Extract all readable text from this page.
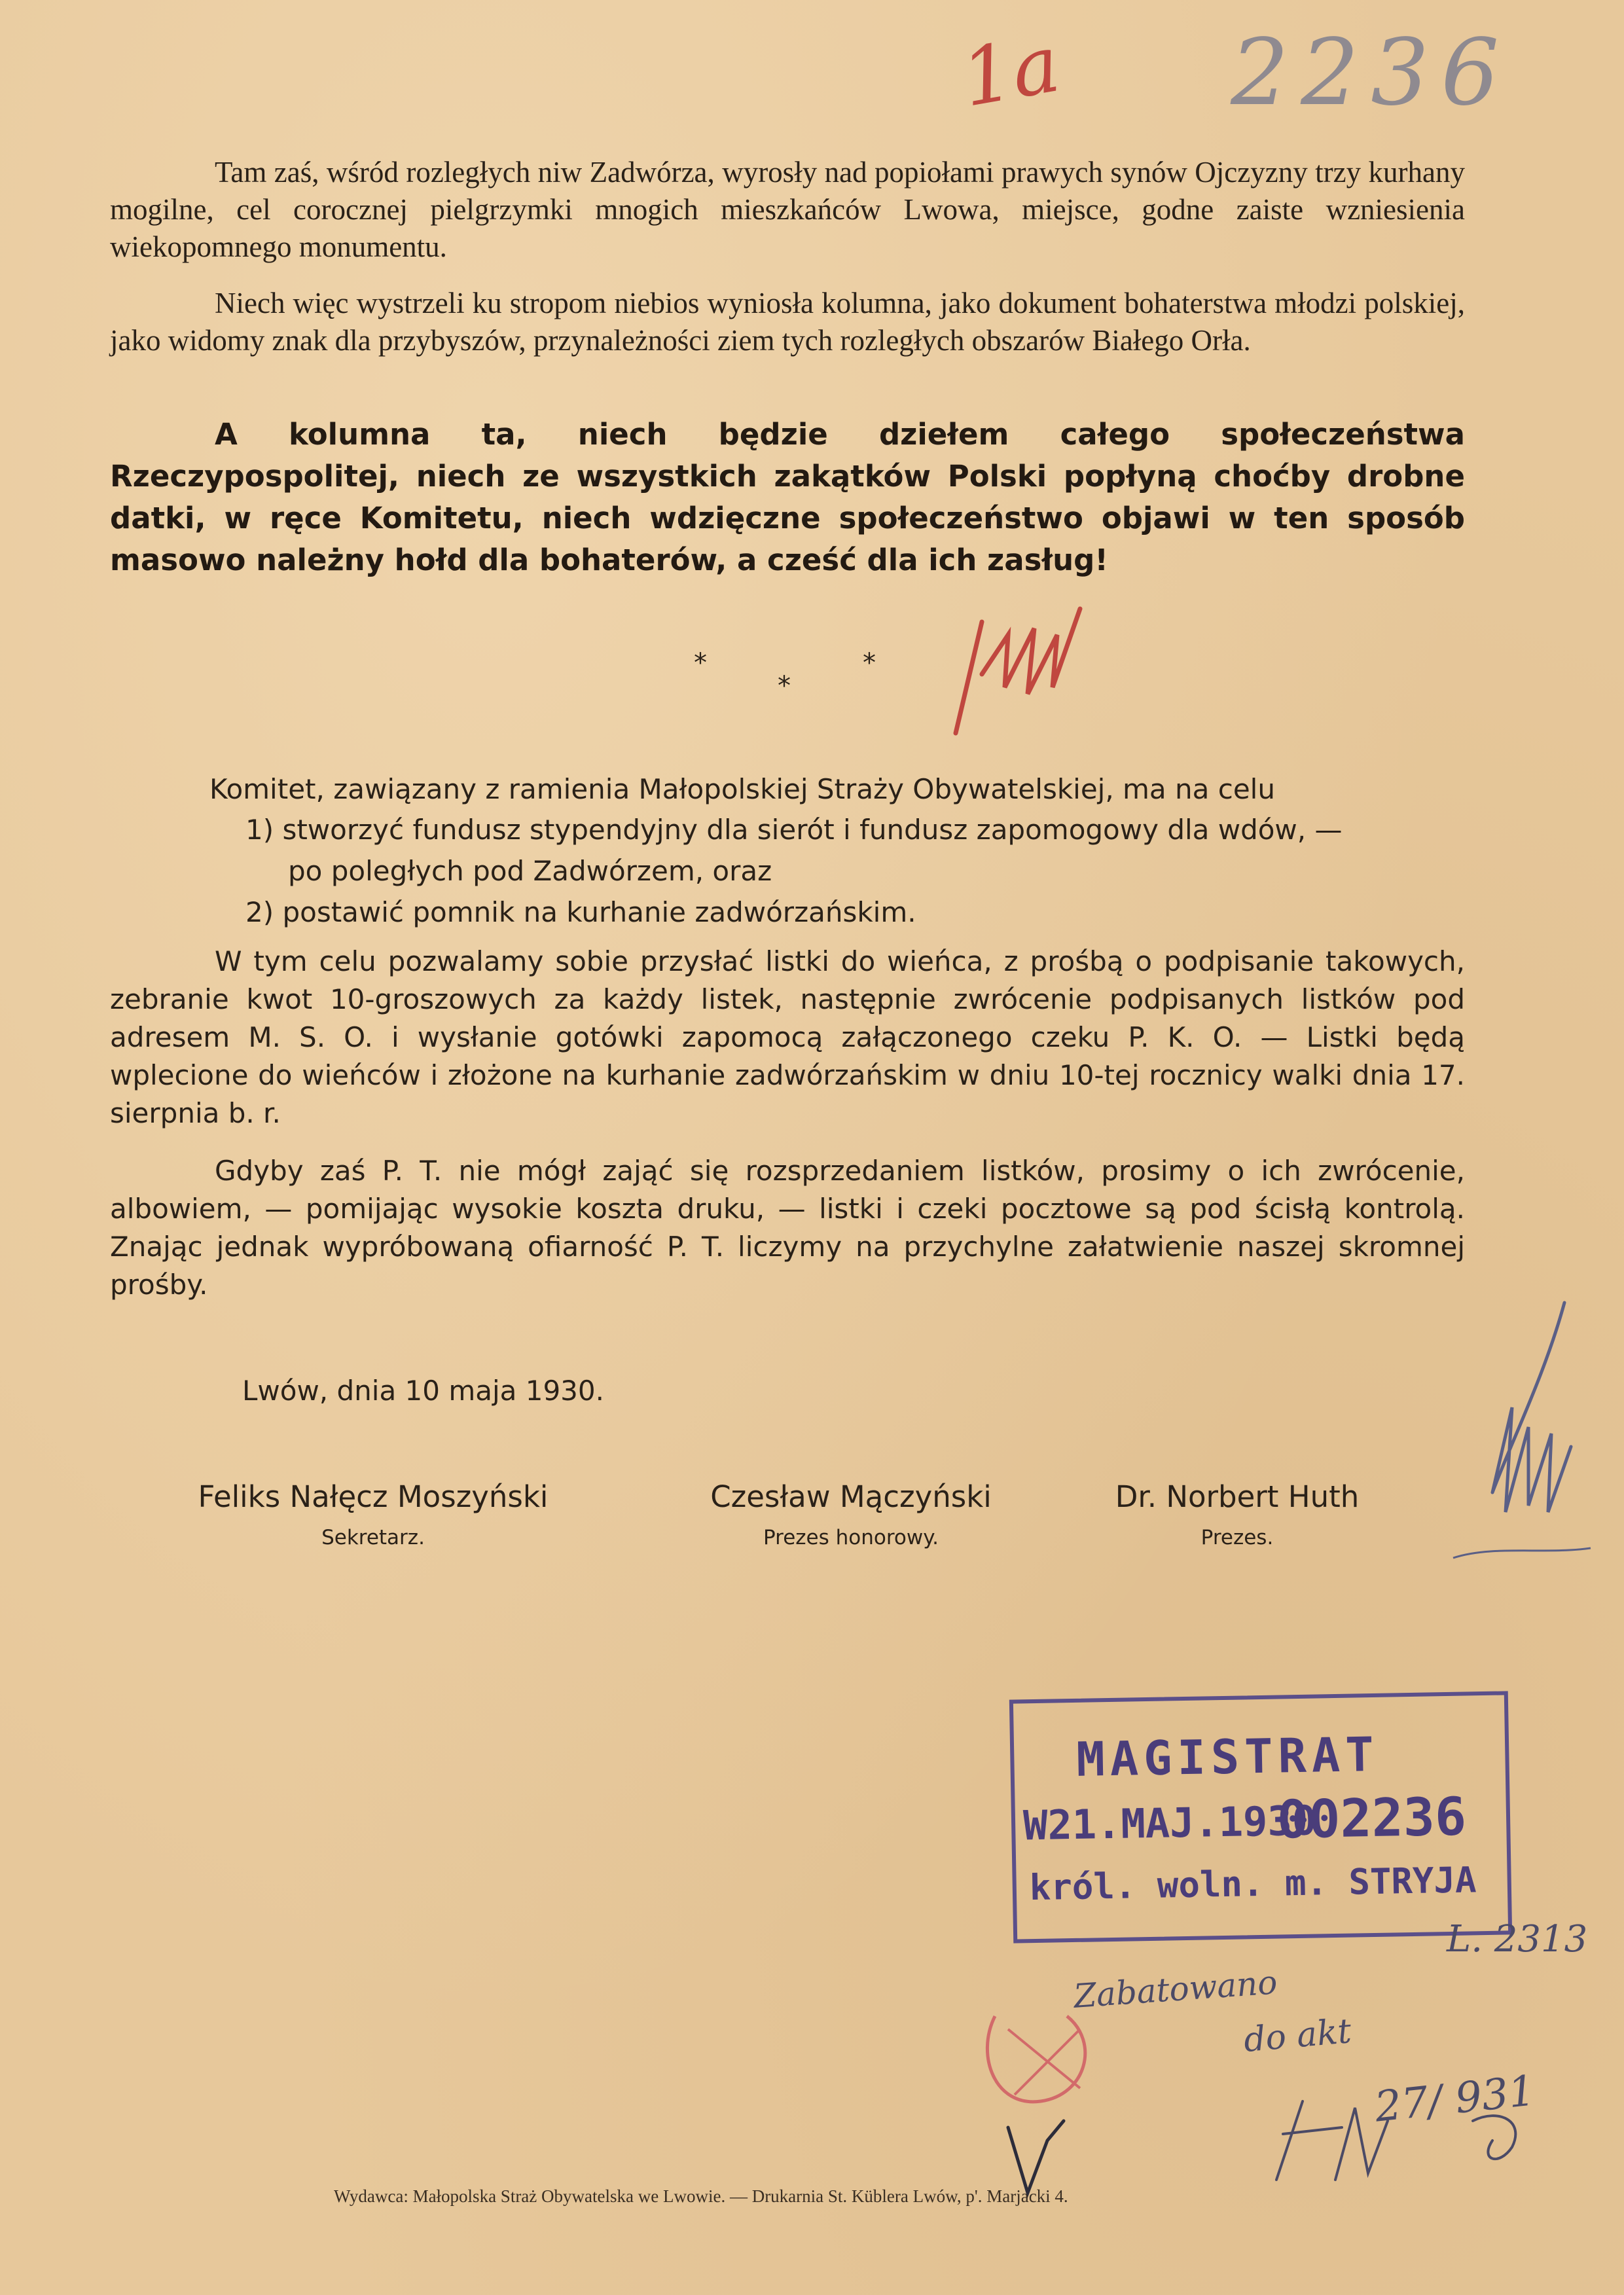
1a 2236

Tam zaś, wśród rozległych niw Zadwórza, wyrosły nad popiołami prawych synów Ojczyzny trzy kurhany mogilne, cel corocznej pielgrzymki mnogich mieszkańców Lwowa, miejsce, godne zaiste wzniesienia wiekopomnego monumentu.

Niech więc wystrzeli ku stropom niebios wyniosła kolumna, jako dokument bohaterstwa młodzi polskiej, jako widomy znak dla przybyszów, przynależności ziem tych rozległych obszarów Białego Orła.

A kolumna ta, niech będzie dziełem całego społeczeństwa Rzeczypospolitej, niech ze wszystkich zakątków Polski popłyną choćby drobne datki, w ręce Komitetu, niech wdzięczne społeczeństwo objawi w ten sposób masowo należny hołd dla bohaterów, a cześć dla ich zasług!

*
*
*

Komitet, zawiązany z ramienia Małopolskiej Straży Obywatelskiej, ma na celu

1) stworzyć fundusz stypendyjny dla sierót i fundusz zapomogowy dla wdów, —

po poległych pod Zadwórzem, oraz

2) postawić pomnik na kurhanie zadwórzańskim.

W tym celu pozwalamy sobie przysłać listki do wieńca, z prośbą o podpisanie takowych, zebranie kwot 10-groszowych za każdy listek, następnie zwrócenie podpisanych listków pod adresem M. S. O. i wysłanie gotówki zapomocą załączonego czeku P. K. O. — Listki będą wplecione do wieńców i złożone na kurhanie zadwórzańskim w dniu 10-tej rocznicy walki dnia 17. sierpnia b. r.

Gdyby zaś P. T. nie mógł zająć się rozsprzedaniem listków, prosimy o ich zwrócenie, albowiem, — pomijając wysokie koszta druku, — listki i czeki pocztowe są pod ścisłą kontrolą. Znając jednak wypróbowaną ofiarność P. T. liczymy na przychylne załatwienie naszej skromnej prośby.

Lwów, dnia 10 maja 1930.
Feliks Nałęcz Moszyński
Sekretarz.
Czesław Mączyński
Prezes honorowy.
Dr. Norbert Huth
Prezes.
MAGISTRAT
W21.MAJ.1930
002236
król. woln. m. STRYJA
L. 2313
Zabatowano
do akt
27/ 931
Wydawca: Małopolska Straż Obywatelska we Lwowie. — Drukarnia St. Küblera Lwów, p'. Marjacki 4.
